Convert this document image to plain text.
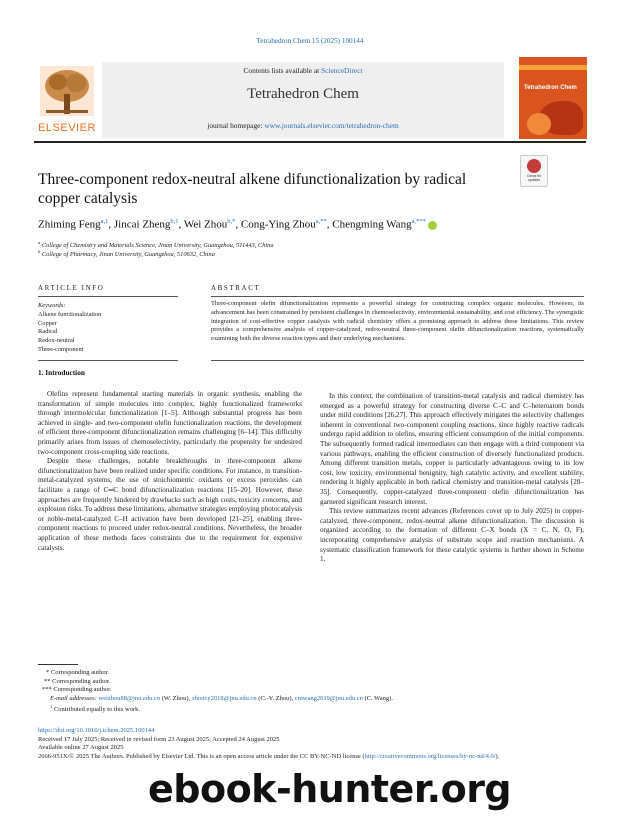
Tetrahedron Chem 15 (2025) 100144
ELSEVIER
Contents lists available at ScienceDirect
Tetrahedron Chem
journal homepage: www.journals.elsevier.com/tetrahedron-chem
Tetrahedron Chem
Three-component redox-neutral alkene difunctionalization by radical copper catalysis
Check for updates
Zhiming Feng$^{a,1}$, Jincai Zheng$^{b,1}$, Wei Zhou$^{b,*}$, Cong-Ying Zhou$^{a,**}$, Chengming Wang$^{a,***}$
$^a$ College of Chemistry and Materials Science, Jinan University, Guangzhou, 511443, China
$^b$ College of Pharmacy, Jinan University, Guangzhou, 510632, China
ARTICLE INFO	ABSTRACT
Keywords:
Alkene functionalization
Copper
Radical
Redox-neutral
Three-component
Three-component olefin difunctionalization represents a powerful strategy for constructing complex organic molecules. However, its advancement has been constrained by persistent challenges in chemoselectivity, environmental sustainability, and cost efficiency. The synergistic integration of cost-effective copper catalysis with radical chemistry offers a promising approach to address these limitations. This review provides a comprehensive analysis of copper-catalyzed, redox-neutral three-component olefin difunctionalization reactions, systematically examining both the diverse reaction types and their underlying mechanisms.
1. Introduction

Olefins represent fundamental starting materials in organic synthesis, enabling the transformation of simple molecules into complex, highly functionalized frameworks through intermolecular functionalization [1–5]. Although substantial progress has been achieved in single- and two-component olefin functionalization reactions, the development of efficient three-component difunctionalization remains challenging [6–14]. This difficulty primarily arises from issues of chemoselectivity, particularly the propensity for undesired two-component cross-coupling side reactions.

Despite these challenges, notable breakthroughs in three-component alkene difunctionalization have been realized under specific conditions. For instance, in transition-metal-catalyzed systems, the use of stoichiometric oxidants or excess peroxides can facilitate a range of C═C bond difunctionalization reactions [15–20]. However, these approaches are frequently hindered by drawbacks such as high costs, toxicity concerns, and explosion risks. To address these limitations, alternative strategies employing photocatalysis or noble-metal-catalyzed C–H activation have been developed [21–25], enabling three-component reactions to proceed under redox-neutral conditions. Nevertheless, the broader application of these methods faces constraints due to the requirement for expensive catalysts.

In this context, the combination of transition-metal catalysis and radical chemistry has emerged as a powerful strategy for constructing diverse C–C and C–heteroatom bonds under mild conditions [26,27]. This approach effectively mitigates the selectivity challenges inherent in conventional two-component coupling reactions, since highly reactive radicals undergo rapid addition to olefins, ensuring efficient consumption of the initial components. The subsequently formed radical intermediates can then engage with a third component via various pathways, enabling the efficient construction of diversely functionalized products. Among different transition metals, copper is particularly advantageous owing to its low cost, low toxicity, environmental benignity, high catalytic activity, and excellent stability, rendering it highly applicable in both radical chemistry and transition-metal catalysis [28–35]. Consequently, copper-catalyzed three-component olefin difunctionalization has garnered significant research interest.

This review summarizes recent advances (References cover up to July 2025) in copper-catalyzed, three-component, redox-neutral alkene difunctionalization. The discussion is organized according to the formation of different C–X bonds (X = C, N, O, F), incorporating comprehensive analysis of substrate scope and reaction mechanisms. A systematic classification framework for these catalytic systems is further shown in Scheme 1.

* Corresponding author.
** Corresponding author.
*** Corresponding author.
E-mail addresses: weizhou88@jnu.edu.cn (W. Zhou), zhoucy2018@jnu.edu.cn (C.-Y. Zhou), cmwang2019@jnu.edu.cn (C. Wang).
$^1$ Contributed equally to this work.
https://doi.org/10.1016/j.tchem.2025.100144
Received 17 July 2025; Received in revised form 23 August 2025; Accepted 24 August 2025
Available online 27 August 2025
2666-951X/© 2025 The Authors. Published by Elsevier Ltd. This is an open access article under the CC BY-NC-ND license (http://creativecommons.org/licenses/by-nc-nd/4.0/).
ebook-hunter.org
